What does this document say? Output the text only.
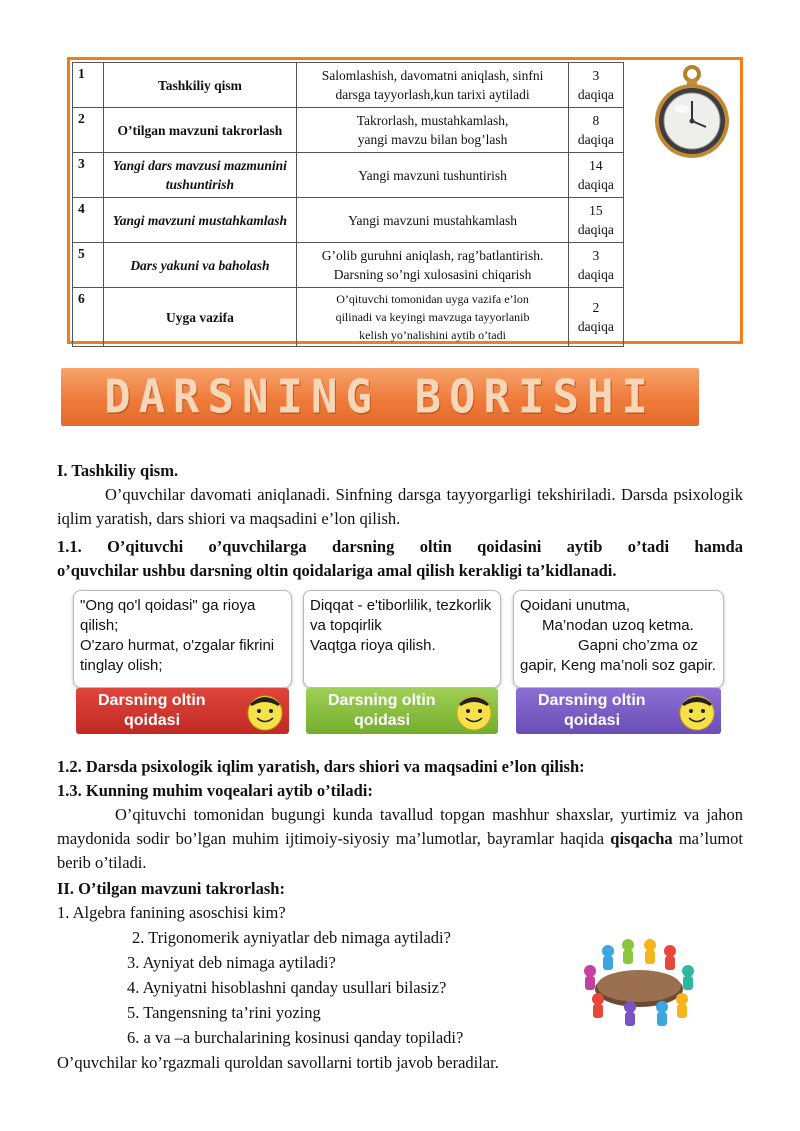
1	Tashkiliy qism	Salomlashish, davomatni aniqlash, sinfni
darsga tayyorlash,kun tarixi aytiladi	3
daqiqa	
2	O’tilgan mavzuni takrorlash	Takrorlash, mustahkamlash,
yangi mavzu bilan bog’lash	8
daqiqa	
3	Yangi dars mavzusi mazmunini tushuntirish	Yangi mavzuni tushuntirish	14
daqiqa	
4	Yangi mavzuni mustahkamlash	Yangi mavzuni mustahkamlash	15
daqiqa	
5	Dars yakuni va baholash	G’olib guruhni aniqlash, rag’batlantirish.
Darsning so’ngi xulosasini chiqarish	3
daqiqa	
6	Uyga vazifa	O’qituvchi tomonidan uyga vazifa e’lon
qilinadi va keyingi mavzuga tayyorlanib
kelish yo’nalishini aytib o’tadi	2
daqiqa	
DARSNING BORISHI

I. Tashkiliy qism.

O’quvchilar davomati aniqlanadi. Sinfning darsga tayyorgarligi tekshiriladi. Darsda psixologik iqlim yaratish, dars shiori va maqsadini e’lon qilish.

1.1. O’qituvchi o’quvchilarga darsning oltin qoidasini aytib o’tadi hamda

o’quvchilar ushbu darsning oltin qoidalariga amal qilish kerakligi ta’kidlanadi.

"Ong qo'l qoidasi" ga rioya qilish;
O'zaro hurmat, o'zgalar fikrini tinglay olish;
Darsning oltin
qoidasi
Diqqat - e'tiborlilik, tezkorlik va topqirlik
Vaqtga rioya qilish.
Darsning oltin
qoidasi
Qoidani unutma,
Ma’nodan uzoq ketma.
Gapni cho’zma oz
gapir, Keng ma’noli soz gapir.
Darsning oltin
qoidasi

1.2. Darsda psixologik iqlim yaratish, dars shiori va maqsadini e’lon qilish:

1.3. Kunning muhim voqealari aytib o’tiladi:

O’qituvchi tomonidan bugungi kunda tavallud topgan mashhur shaxslar, yurtimiz va jahon maydonida sodir bo’lgan muhim ijtimoiy-siyosiy ma’lumotlar, bayramlar haqida qisqacha ma’lumot berib o’tiladi.

II. O’tilgan mavzuni takrorlash:

1. Algebra fanining asoschisi kim?

2. Trigonomerik ayniyatlar deb nimaga aytiladi?

3. Ayniyat deb nimaga aytiladi?

4. Ayniyatni hisoblashni qanday usullari bilasiz?

5. Tangensning ta’rini yozing

6. a va –a burchalarining kosinusi qanday topiladi?

O’quvchilar ko’rgazmali quroldan savollarni tortib javob beradilar.
